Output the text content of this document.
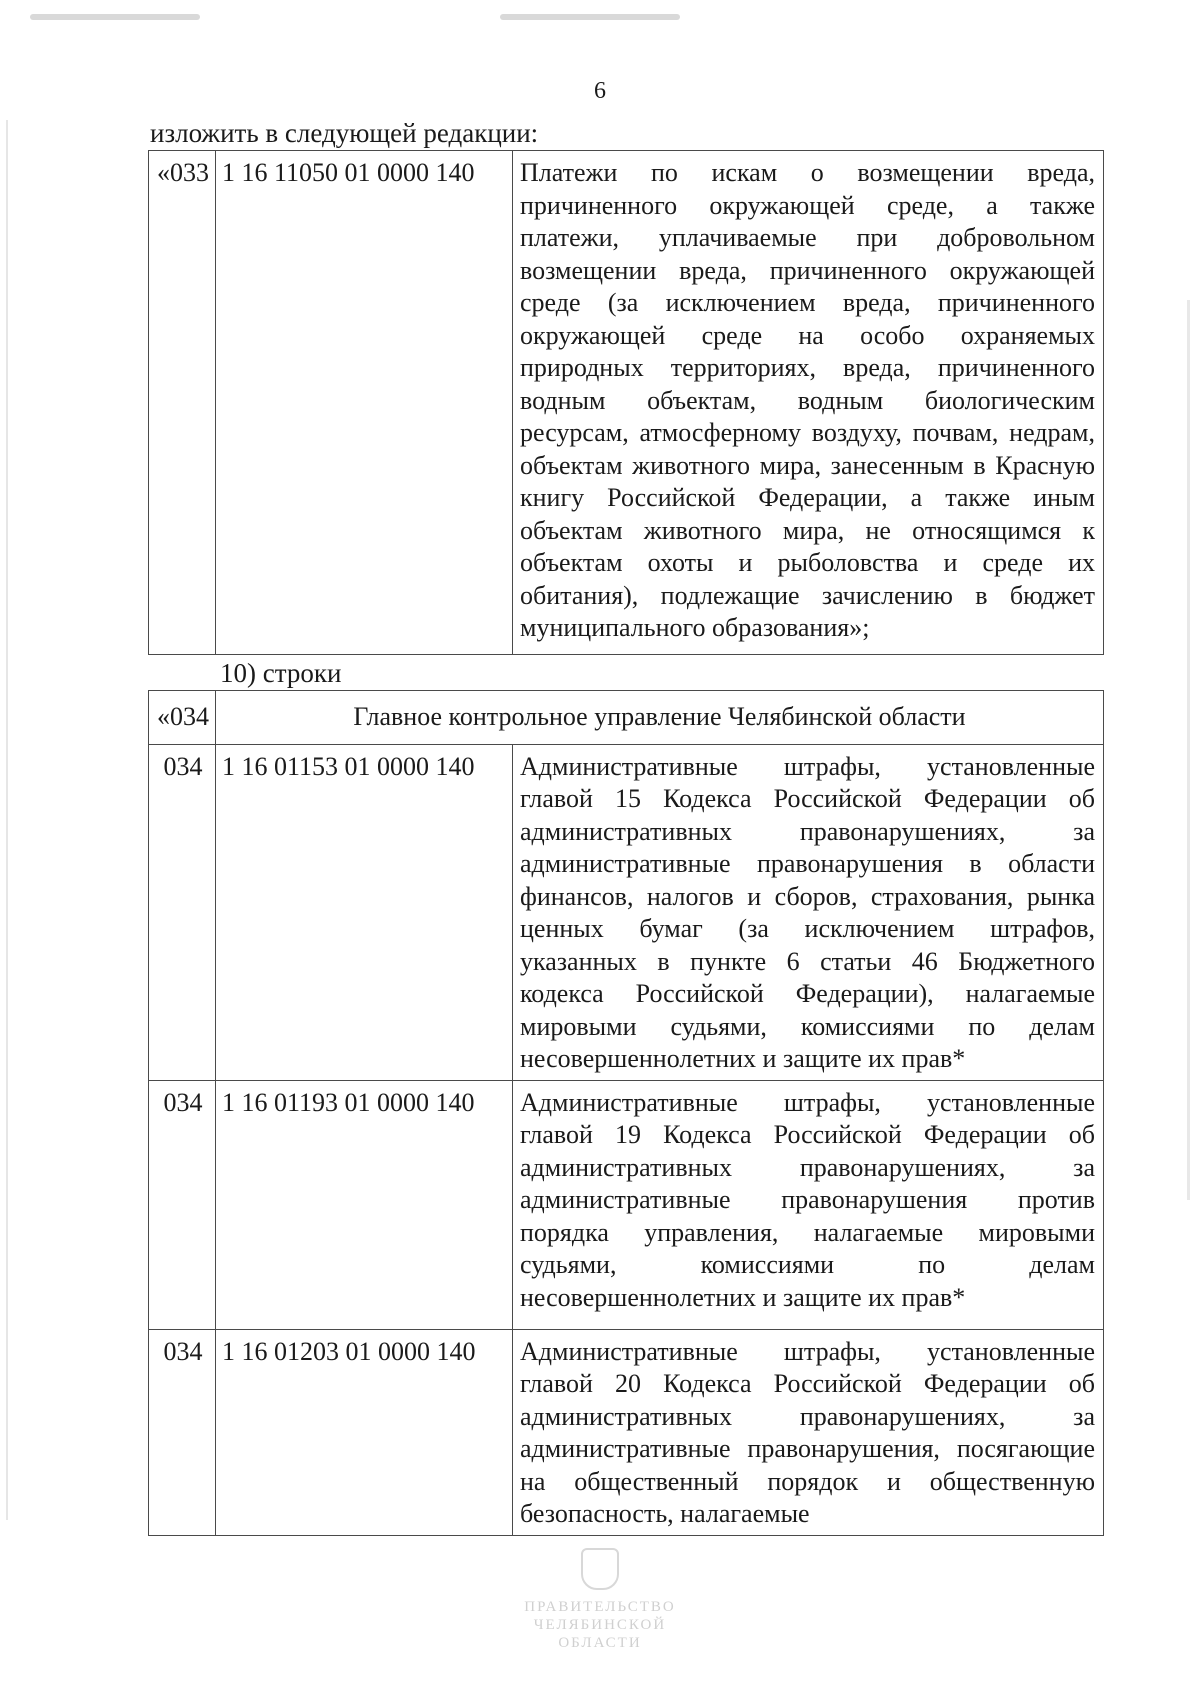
6
изложить в следующей редакции:
«033	1 16 11050 01 0000 140	Платежи по искам о возмещении вреда, причиненного окружающей среде, а также платежи, уплачиваемые при добровольном возмещении вреда, причиненного окружающей среде (за исключением вреда, причиненного окружающей среде на особо охраняемых природных территориях, вреда, причиненного водным объектам, водным биологическим ресурсам, атмосферному воздуху, почвам, недрам, объектам животного мира, занесенным в Красную книгу Российской Федерации, а также иным объектам животного мира, не относящимся к объектам охоты и рыболовства и среде их обитания), подлежащие зачислению в бюджет муниципального образования»;
10) строки
«034	Главное контрольное управление Челябинской области	
034	1 16 01153 01 0000 140	Административные штрафы, установленные главой 15 Кодекса Российской Федерации об административных правонарушениях, за административные правонарушения в области финансов, налогов и сборов, страхования, рынка ценных бумаг (за исключением штрафов, указанных в пункте 6 статьи 46 Бюджетного кодекса Российской Федерации), налагаемые мировыми судьями, комиссиями по делам несовершеннолетних и защите их прав*
034	1 16 01193 01 0000 140	Административные штрафы, установленные главой 19 Кодекса Российской Федерации об административных правонарушениях, за административные правонарушения против порядка управления, налагаемые мировыми судьями, комиссиями по делам несовершеннолетних и защите их прав*
034	1 16 01203 01 0000 140	Административные штрафы, установленные главой 20 Кодекса Российской Федерации об административных правонарушениях, за административные правонарушения, посягающие на общественный порядок и общественную безопасность, налагаемые
ПРАВИТЕЛЬСТВО
ЧЕЛЯБИНСКОЙ ОБЛАСТИ
